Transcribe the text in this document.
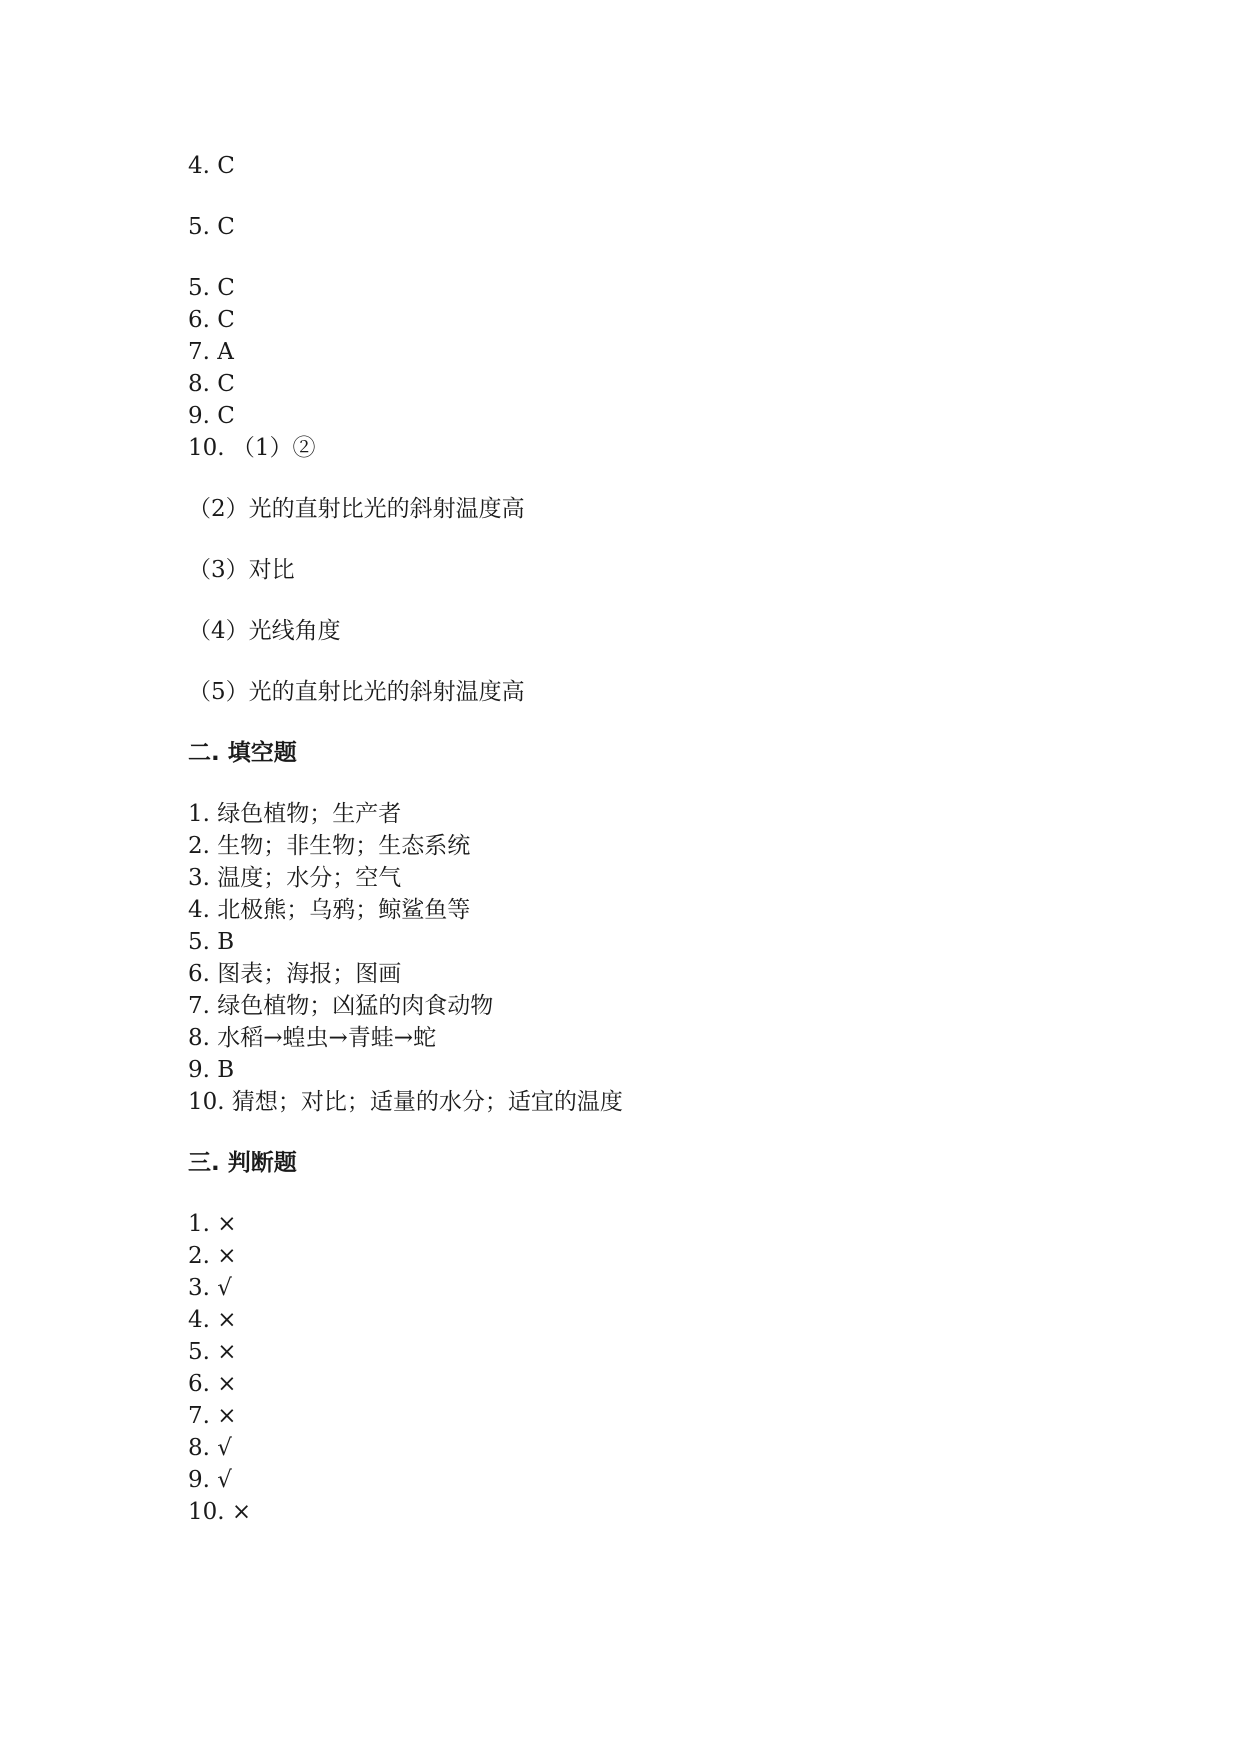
4. C
5. C
5. C
6. C
7. A
8. C
9. C
10. （1）②
（2）光的直射比光的斜射温度高
（3）对比
（4）光线角度
（5）光的直射比光的斜射温度高
二. 填空题
1. 绿色植物；生产者
2. 生物；非生物；生态系统
3. 温度；水分；空气
4. 北极熊；乌鸦；鲸鲨鱼等
5. B
6. 图表；海报；图画
7. 绿色植物；凶猛的肉食动物
8. 水稻→蝗虫→青蛙→蛇
9. B
10. 猜想；对比；适量的水分；适宜的温度
三. 判断题
1. ×
2. ×
3. √
4. ×
5. ×
6. ×
7. ×
8. √
9. √
10. ×
